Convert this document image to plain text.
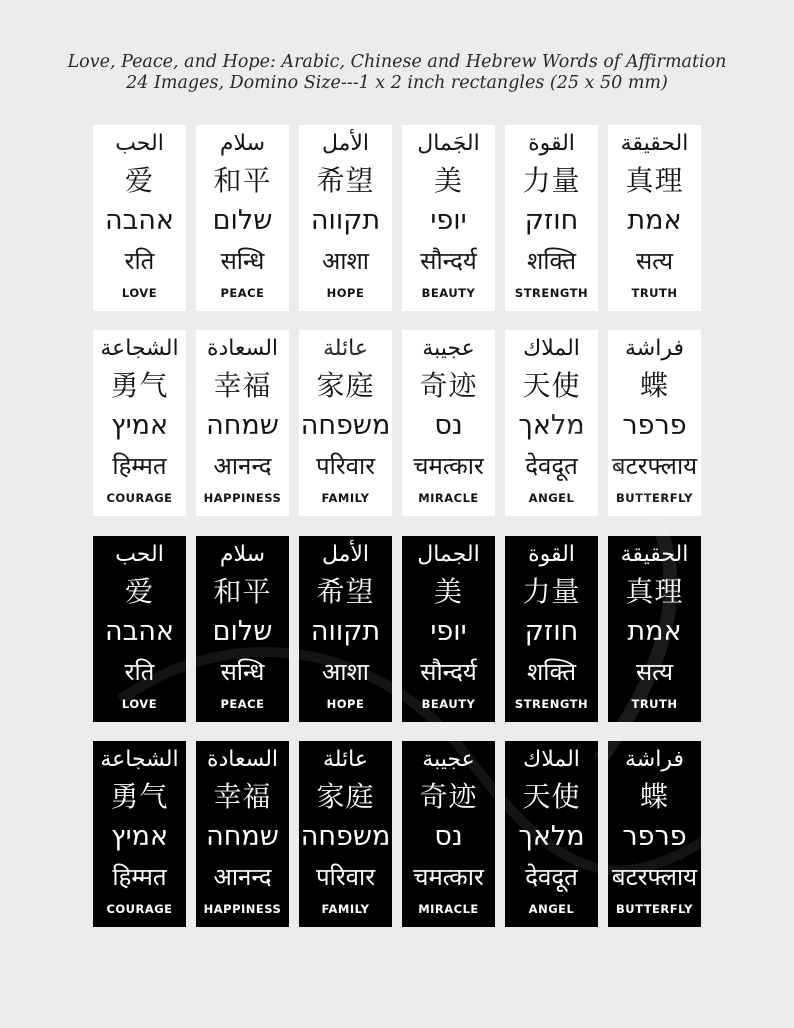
Love, Peace, and Hope: Arabic, Chinese and Hebrew Words of Affirmation
24 Images, Domino Size---1 x 2 inch rectangles (25 x 50 mm)
الحب
爱
אהבה
रति
LOVE
سلام
和平
שלום
सन्धि
PEACE
الأمل
希望
תקווה
आशा
HOPE
الجَمال
美
יופי
सौन्दर्य
BEAUTY
القوة
力量
חוזק
शक्ति
STRENGTH
الحقيقة
真理
אמת
सत्य
TRUTH
الشجاعة
勇气
אמיץ
हिम्मत
COURAGE
السعادة
幸福
שמחה
आनन्द
HAPPINESS
عائلة
家庭
משפחה
परिवार
FAMILY
عجيبة
奇迹
נס
चमत्कार
MIRACLE
الملاك
天使
מלאך
देवदूत
ANGEL
فراشة
蝶
פרפר
बटरफ्लाय
BUTTERFLY
الحب
爱
אהבה
रति
LOVE
سلام
和平
שלום
सन्धि
PEACE
الأمل
希望
תקווה
आशा
HOPE
الجمال
美
יופי
सौन्दर्य
BEAUTY
القوة
力量
חוזק
शक्ति
STRENGTH
الحقيقة
真理
אמת
सत्य
TRUTH
الشجاعة
勇气
אמיץ
हिम्मत
COURAGE
السعادة
幸福
שמחה
आनन्द
HAPPINESS
عائلة
家庭
משפחה
परिवार
FAMILY
عجيبة
奇迹
נס
चमत्कार
MIRACLE
الملاك
天使
מלאך
देवदूत
ANGEL
فراشة
蝶
פרפר
बटरफ्लाय
BUTTERFLY
